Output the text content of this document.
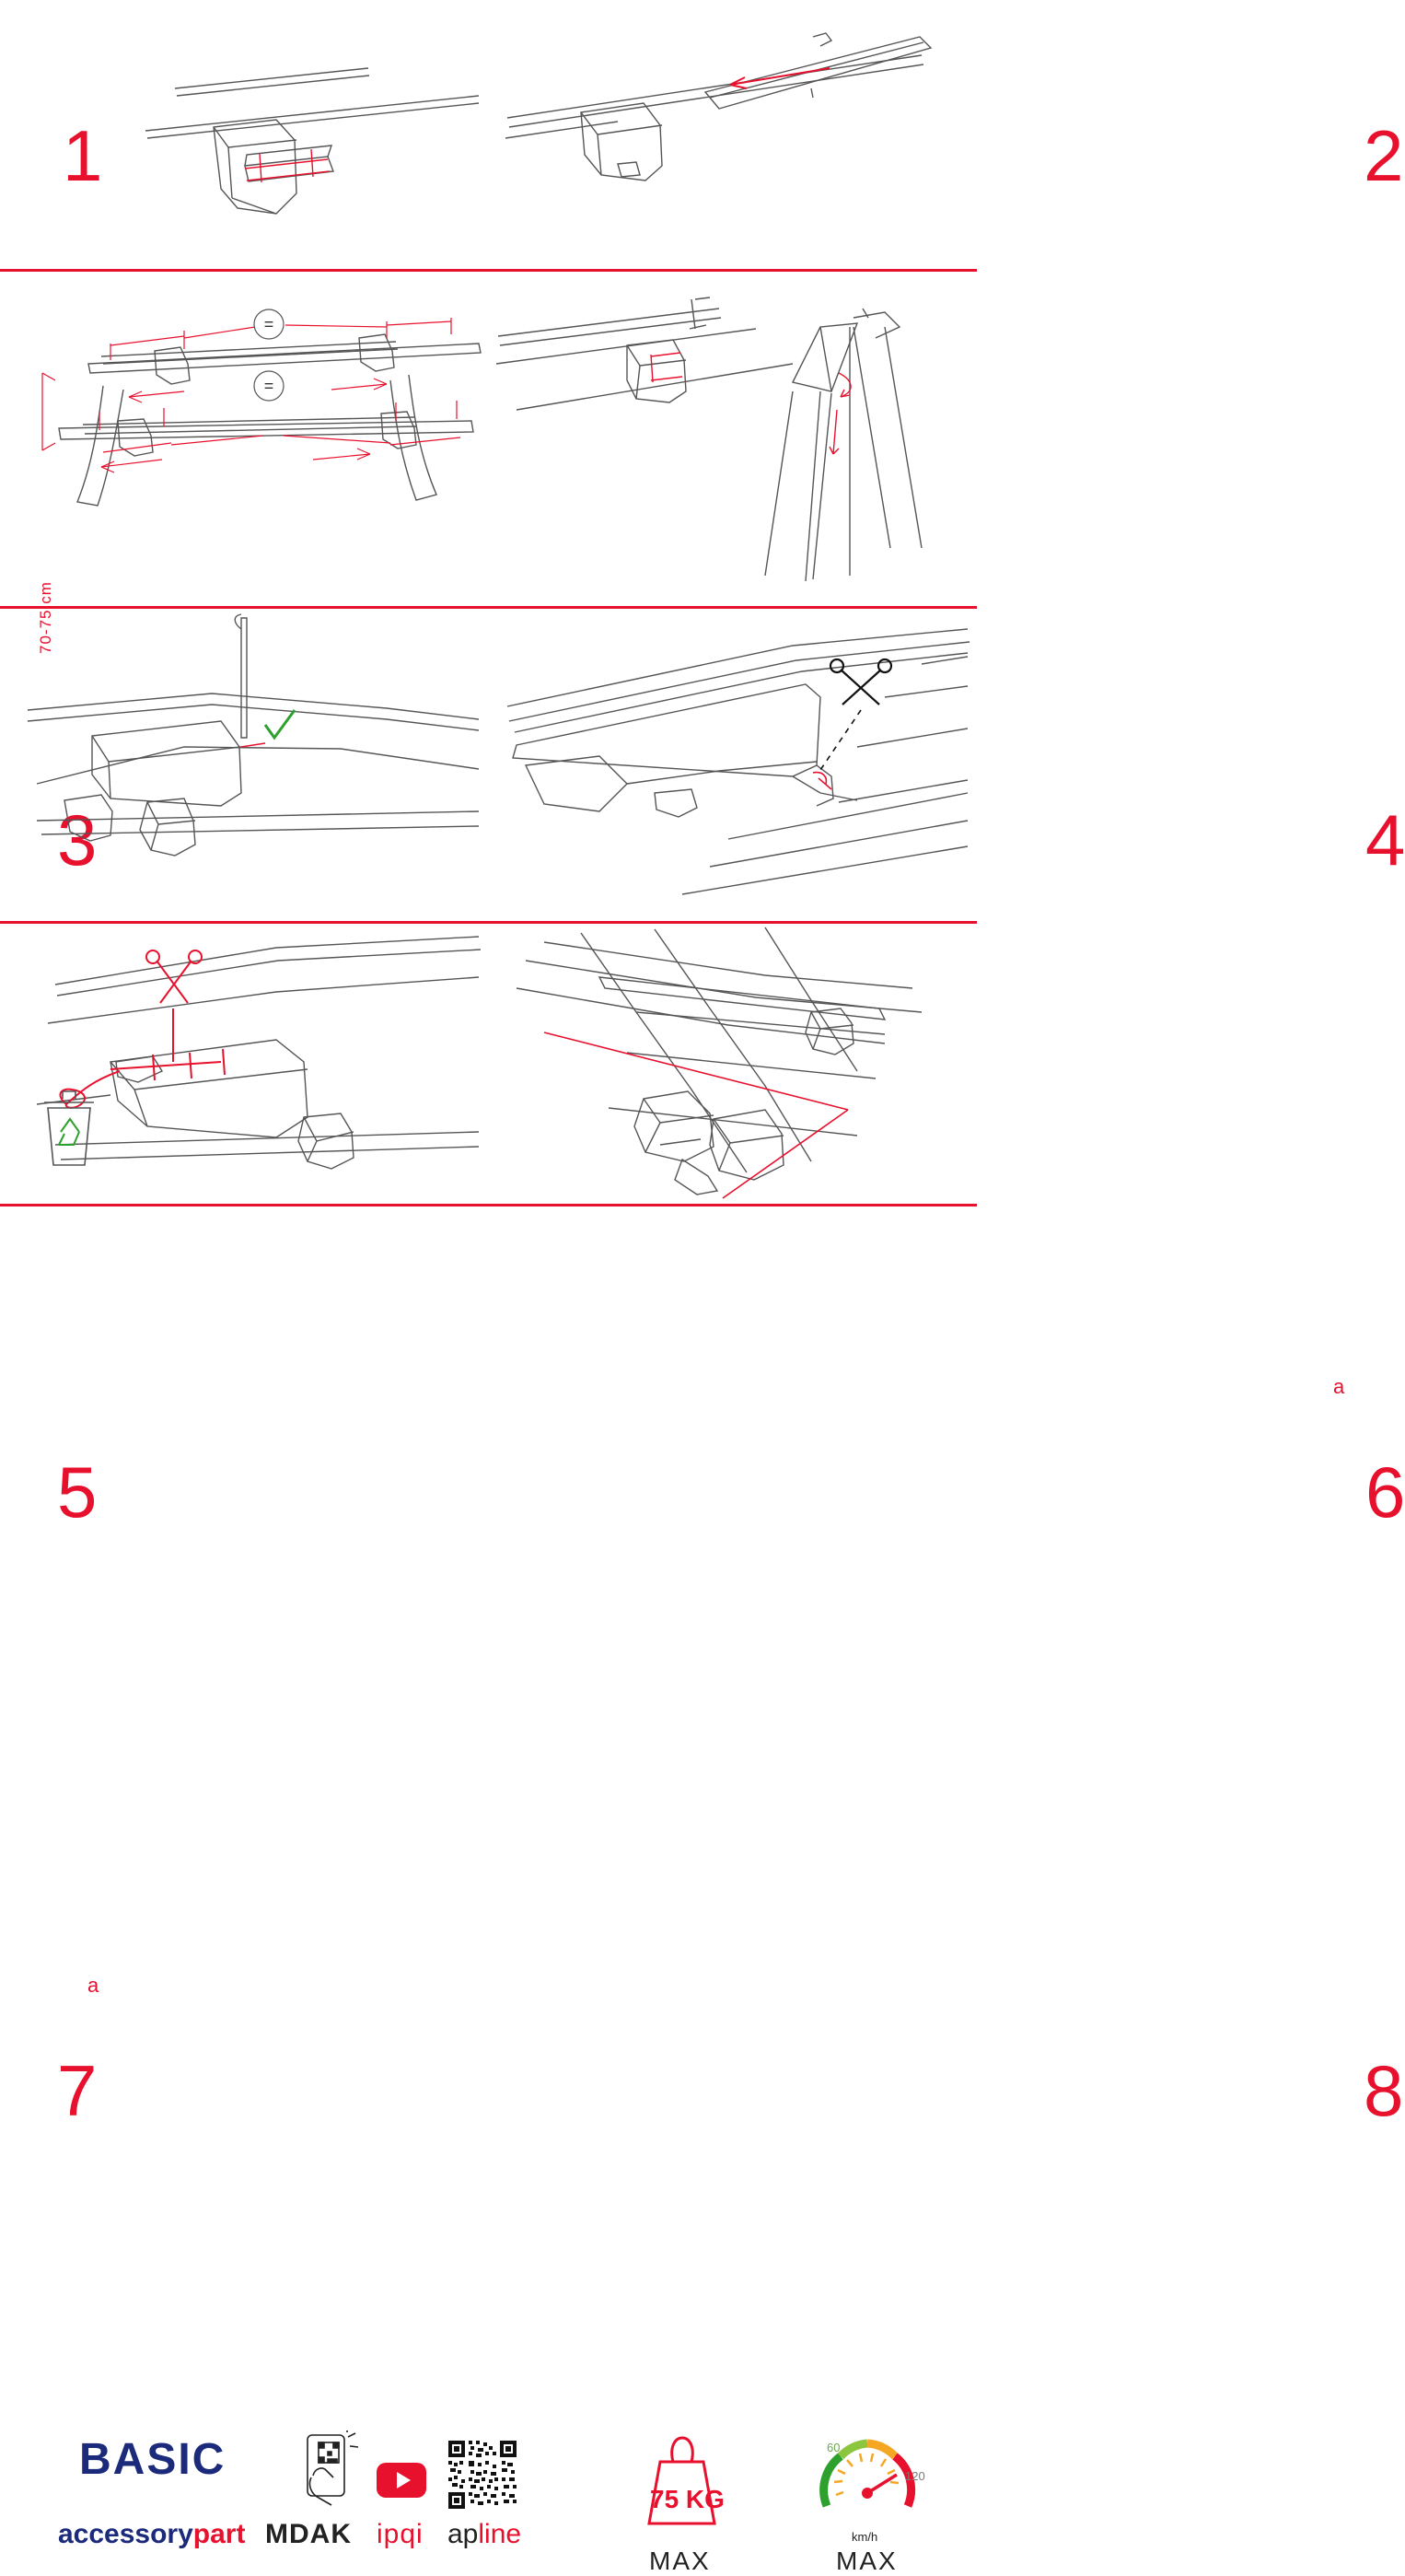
1	2
=
=
70-75 cm
3	4
5
a
6
a
7	8
BASIC
accessorypart MDAK ipqi apline
75 KG
MAX
60
120
km/h
MAX
